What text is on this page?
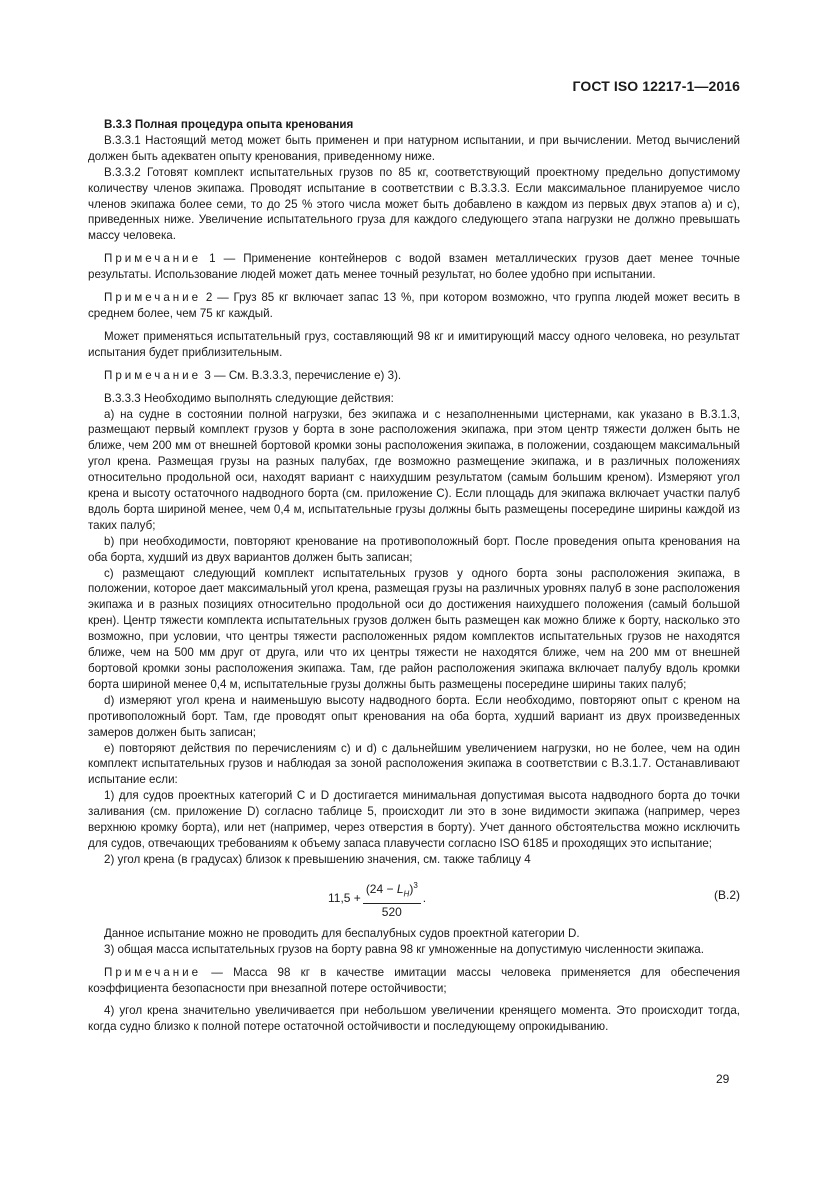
ГОСТ ISO 12217-1—2016

В.3.3 Полная процедура опыта кренования

В.3.3.1 Настоящий метод может быть применен и при натурном испытании, и при вычислении. Метод вычислений должен быть адекватен опыту кренования, приведенному ниже.

В.3.3.2 Готовят комплект испытательных грузов по 85 кг, соответствующий проектному предельно допустимому количеству членов экипажа. Проводят испытание в соответствии с В.3.3.3. Если максимальное планируемое число членов экипажа более семи, то до 25 % этого числа может быть добавлено в каждом из первых двух этапов а) и с), приведенных ниже. Увеличение испытательного груза для каждого следующего этапа нагрузки не должно превышать массу человека.

Примечание 1 — Применение контейнеров с водой взамен металлических грузов дает менее точные результаты. Использование людей может дать менее точный результат, но более удобно при испытании.

Примечание 2 — Груз 85 кг включает запас 13 %, при котором возможно, что группа людей может весить в среднем более, чем 75 кг каждый.

Может применяться испытательный груз, составляющий 98 кг и имитирующий массу одного человека, но результат испытания будет приблизительным.

Примечание 3 — См. В.3.3.3, перечисление е) 3).

В.3.3.3 Необходимо выполнять следующие действия:

а) на судне в состоянии полной нагрузки, без экипажа и с незаполненными цистернами, как указано в В.3.1.3, размещают первый комплект грузов у борта в зоне расположения экипажа, при этом центр тяжести должен быть не ближе, чем 200 мм от внешней бортовой кромки зоны расположения экипажа, в положении, создающем максимальный угол крена. Размещая грузы на разных палубах, где возможно размещение экипажа, и в различных положениях относительно продольной оси, находят вариант с наихудшим результатом (самым большим креном). Измеряют угол крена и высоту остаточного надводного борта (см. приложение С). Если площадь для экипажа включает участки палуб вдоль борта шириной менее, чем 0,4 м, испытательные грузы должны быть размещены посередине ширины каждой из таких палуб;

b) при необходимости, повторяют кренование на противоположный борт. После проведения опыта кренования на оба борта, худший из двух вариантов должен быть записан;

с) размещают следующий комплект испытательных грузов у одного борта зоны расположения экипажа, в положении, которое дает максимальный угол крена, размещая грузы на различных уровнях палуб в зоне расположения экипажа и в разных позициях относительно продольной оси до достижения наихудшего положения (самый большой крен). Центр тяжести комплекта испытательных грузов должен быть размещен как можно ближе к борту, насколько это возможно, при условии, что центры тяжести расположенных рядом комплектов испытательных грузов не находятся ближе, чем на 500 мм друг от друга, или что их центры тяжести не находятся ближе, чем на 200 мм от внешней бортовой кромки зоны расположения экипажа. Там, где район расположения экипажа включает палубу вдоль кромки борта шириной менее 0,4 м, испытательные грузы должны быть размещены посередине ширины таких палуб;

d) измеряют угол крена и наименьшую высоту надводного борта. Если необходимо, повторяют опыт с креном на противоположный борт. Там, где проводят опыт кренования на оба борта, худший вариант из двух произведенных замеров должен быть записан;

е) повторяют действия по перечислениям с) и d) с дальнейшим увеличением нагрузки, но не более, чем на один комплект испытательных грузов и наблюдая за зоной расположения экипажа в соответствии с В.3.1.7. Останавливают испытание если:

1) для судов проектных категорий С и D достигается минимальная допустимая высота надводного борта до точки заливания (см. приложение D) согласно таблице 5, происходит ли это в зоне видимости экипажа (например, через верхнюю кромку борта), или нет (например, через отверстия в борту). Учет данного обстоятельства можно исключить для судов, отвечающих требованиям к объему запаса плавучести согласно ISO 6185 и проходящих это испытание;

2) угол крена (в градусах) близок к превышению значения, см. также таблицу 4

$11,5 + \frac{(24 - L_H)^3}{520}$ .	(В.2)

Данное испытание можно не проводить для беспалубных судов проектной категории D.

3) общая масса испытательных грузов на борту равна 98 кг умноженные на допустимую численности экипажа.

Примечание — Масса 98 кг в качестве имитации массы человека применяется для обеспечения коэффициента безопасности при внезапной потере остойчивости;

4) угол крена значительно увеличивается при небольшом увеличении кренящего момента. Это происходит тогда, когда судно близко к полной потере остаточной остойчивости и последующему опрокидыванию.

29
